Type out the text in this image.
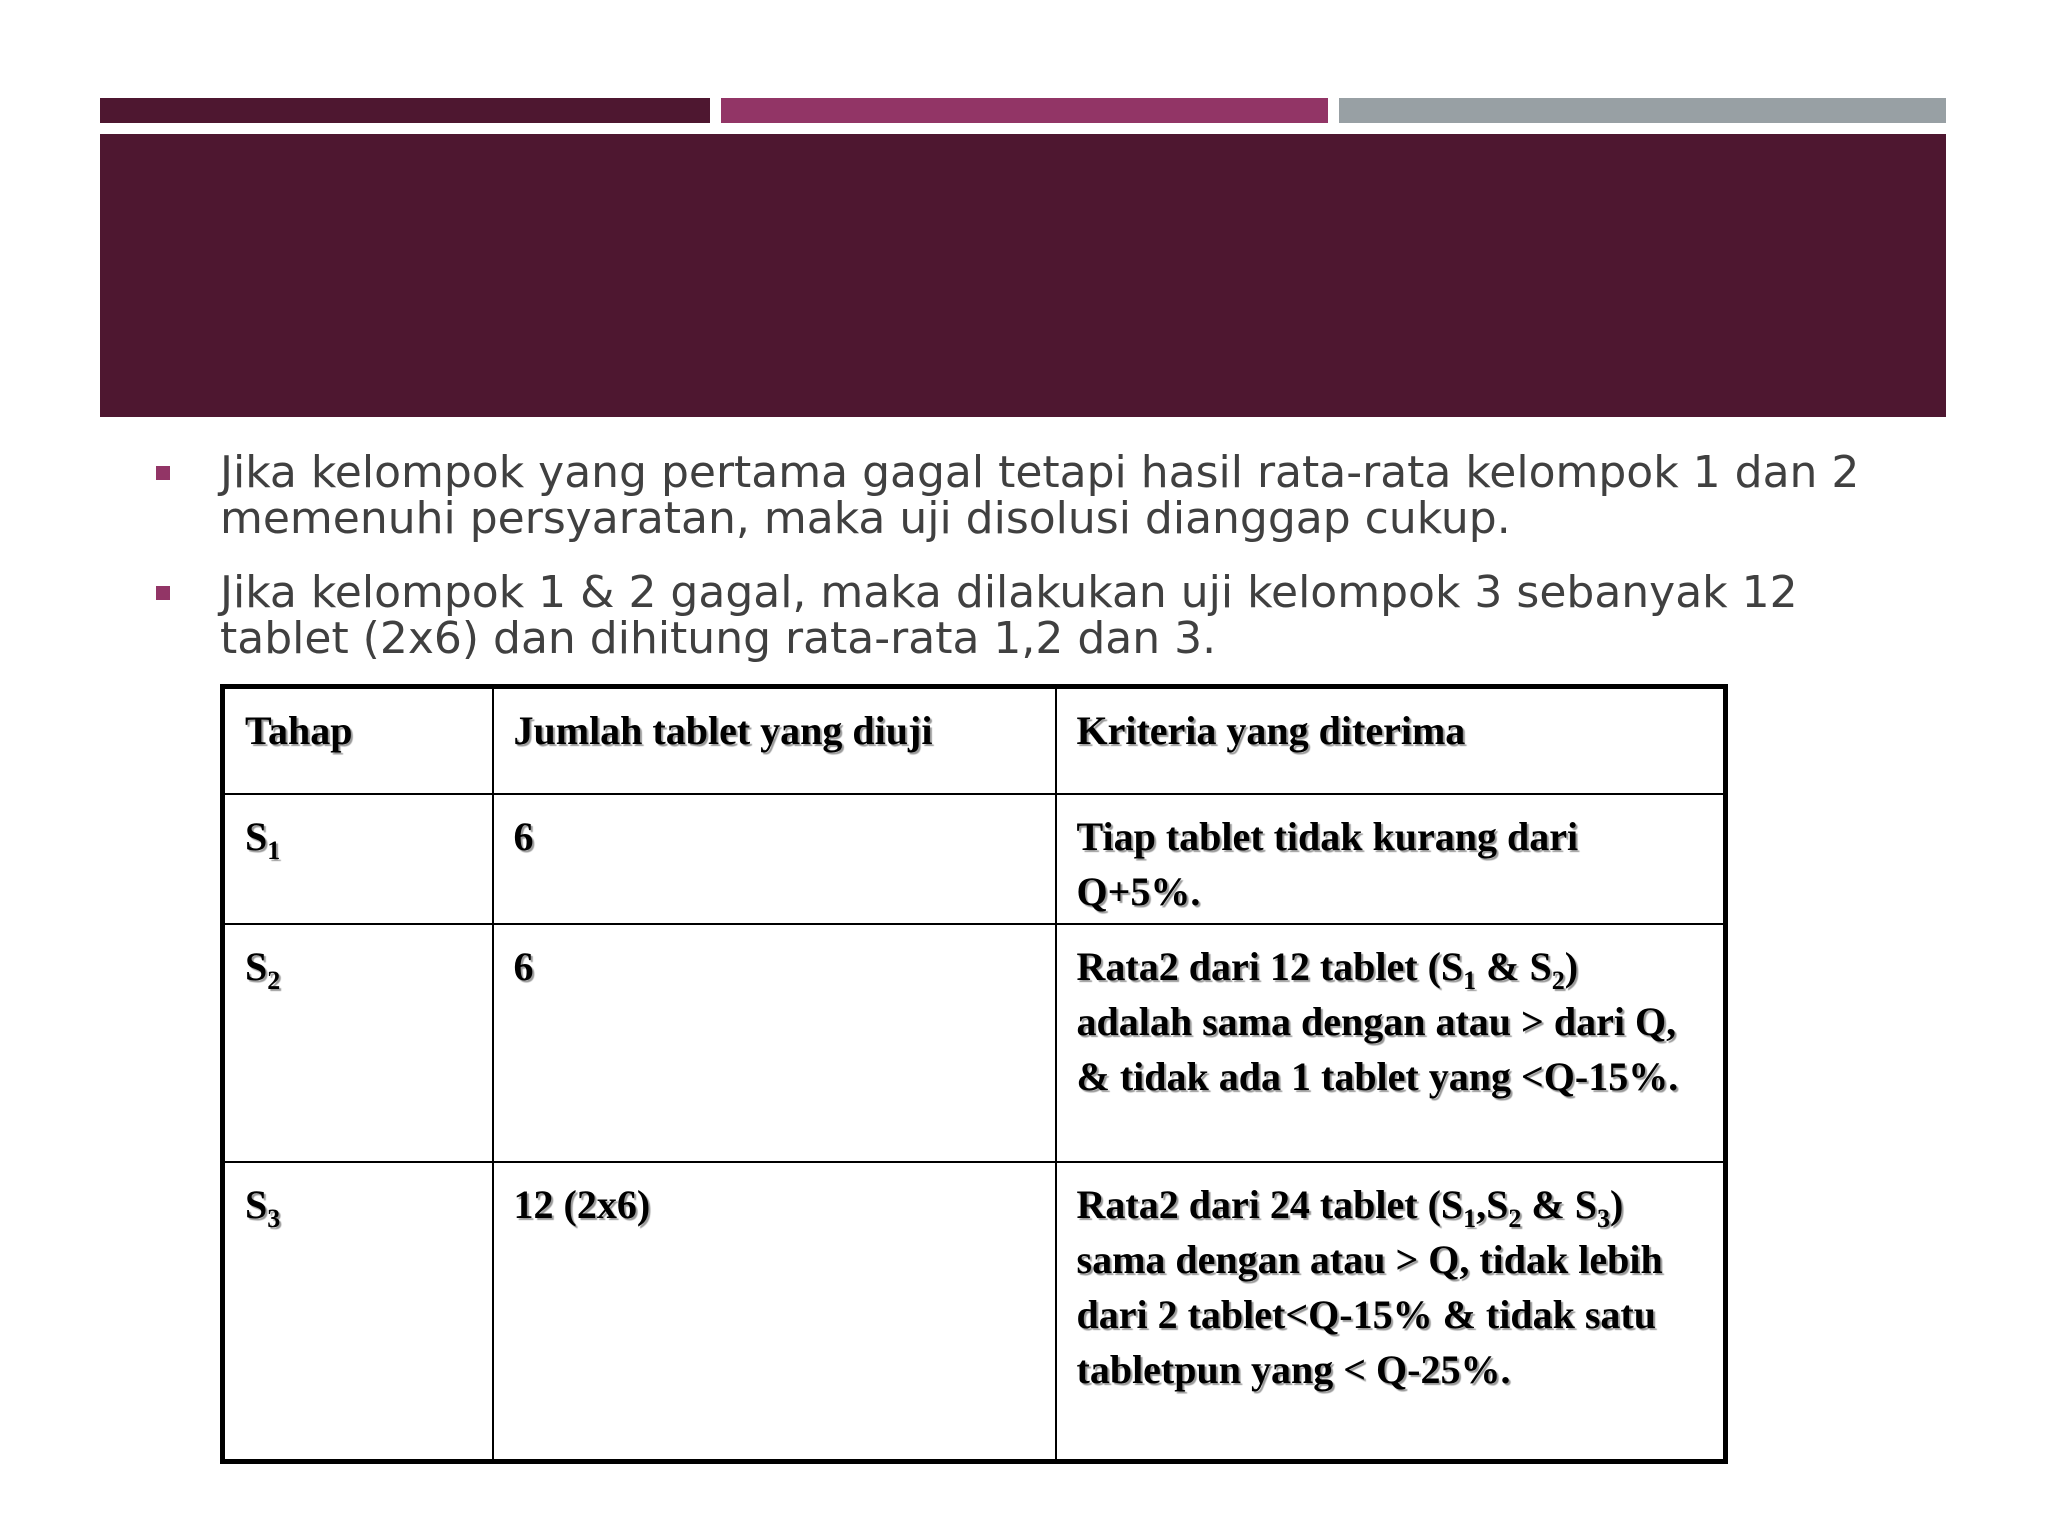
Jika kelompok yang pertama gagal tetapi hasil rata-rata kelompok 1 dan 2 memenuhi persyaratan, maka uji disolusi dianggap cukup.
Jika kelompok 1 & 2 gagal, maka dilakukan uji kelompok 3 sebanyak 12 tablet (2x6) dan dihitung rata-rata 1,2 dan 3.
Tahap	Jumlah tablet yang diuji	Kriteria yang diterima
$S_1$	6	Tiap tablet tidak kurang dari Q+5%.
$S_2$	6	Rata2 dari 12 tablet ($S_1$ & $S_2$) adalah sama dengan atau > dari Q, & tidak ada 1 tablet yang <Q-15%.
$S_3$	12 (2x6)	Rata2 dari 24 tablet ($S_1,S_2$ & $S_3$) sama dengan atau > Q, tidak lebih dari 2 tablet<Q-15% & tidak satu tabletpun yang < Q-25%.
